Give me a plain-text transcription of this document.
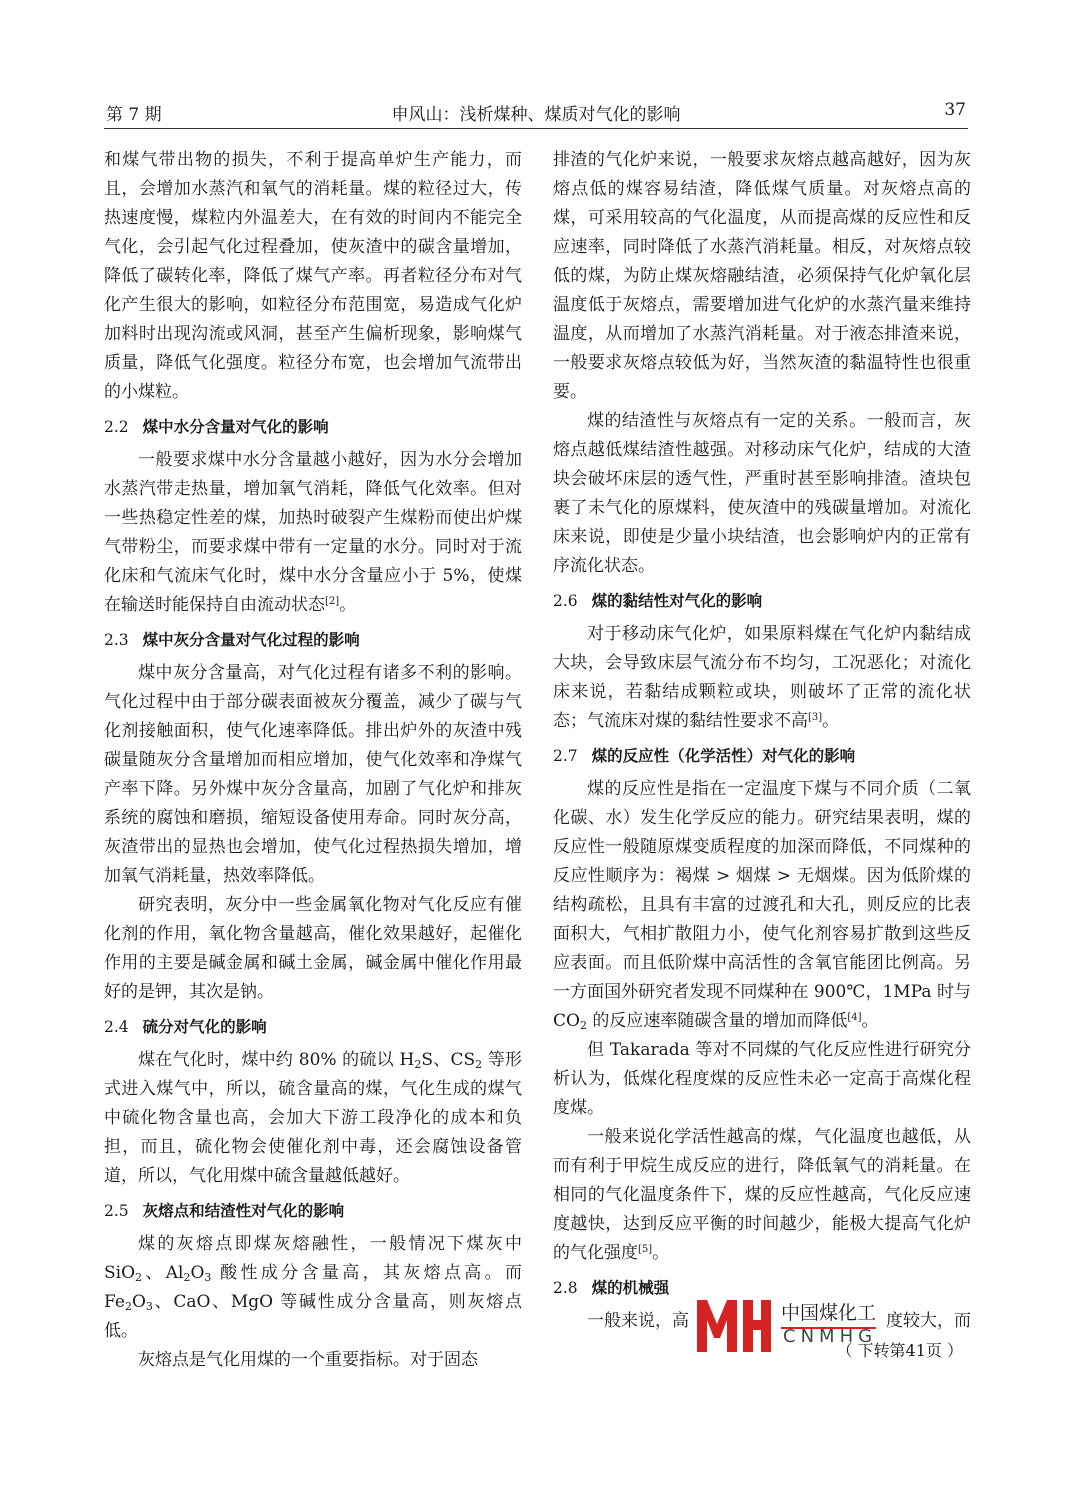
第 7 期	申风山：浅析煤种、煤质对气化的影响	37

和煤气带出物的损失，不利于提高单炉生产能力，而且，会增加水蒸汽和氧气的消耗量。煤的粒径过大，传热速度慢，煤粒内外温差大，在有效的时间内不能完全气化，会引起气化过程叠加，使灰渣中的碳含量增加，降低了碳转化率，降低了煤气产率。再者粒径分布对气化产生很大的影响，如粒径分布范围宽，易造成气化炉加料时出现沟流或风洞，甚至产生偏析现象，影响煤气质量，降低气化强度。粒径分布宽，也会增加气流带出的小煤粒。

2.2 煤中水分含量对气化的影响

一般要求煤中水分含量越小越好，因为水分会增加水蒸汽带走热量，增加氧气消耗，降低气化效率。但对一些热稳定性差的煤，加热时破裂产生煤粉而使出炉煤气带粉尘，而要求煤中带有一定量的水分。同时对于流化床和气流床气化时，煤中水分含量应小于 5%，使煤在输送时能保持自由流动状态[2]。

2.3 煤中灰分含量对气化过程的影响

煤中灰分含量高，对气化过程有诸多不利的影响。气化过程中由于部分碳表面被灰分覆盖，减少了碳与气化剂接触面积，使气化速率降低。排出炉外的灰渣中残碳量随灰分含量增加而相应增加，使气化效率和净煤气产率下降。另外煤中灰分含量高，加剧了气化炉和排灰系统的腐蚀和磨损，缩短设备使用寿命。同时灰分高，灰渣带出的显热也会增加，使气化过程热损失增加，增加氧气消耗量，热效率降低。

研究表明，灰分中一些金属氧化物对气化反应有催化剂的作用，氧化物含量越高，催化效果越好，起催化作用的主要是碱金属和碱土金属，碱金属中催化作用最好的是钾，其次是钠。

2.4 硫分对气化的影响

煤在气化时，煤中约 80% 的硫以 $H_2S$、$CS_2$ 等形式进入煤气中，所以，硫含量高的煤，气化生成的煤气中硫化物含量也高，会加大下游工段净化的成本和负担，而且，硫化物会使催化剂中毒，还会腐蚀设备管道，所以，气化用煤中硫含量越低越好。

2.5 灰熔点和结渣性对气化的影响

煤的灰熔点即煤灰熔融性，一般情况下煤灰中 SiO$_2$、$Al_2O_3$ 酸性成分含量高，其灰熔点高。而 $Fe_2O_3$、CaO、MgO 等碱性成分含量高，则灰熔点低。

灰熔点是气化用煤的一个重要指标。对于固态

排渣的气化炉来说，一般要求灰熔点越高越好，因为灰熔点低的煤容易结渣，降低煤气质量。对灰熔点高的煤，可采用较高的气化温度，从而提高煤的反应性和反应速率，同时降低了水蒸汽消耗量。相反，对灰熔点较低的煤，为防止煤灰熔融结渣，必须保持气化炉氧化层温度低于灰熔点，需要增加进气化炉的水蒸汽量来维持温度，从而增加了水蒸汽消耗量。对于液态排渣来说，一般要求灰熔点较低为好，当然灰渣的黏温特性也很重要。

煤的结渣性与灰熔点有一定的关系。一般而言，灰熔点越低煤结渣性越强。对移动床气化炉，结成的大渣块会破坏床层的透气性，严重时甚至影响排渣。渣块包裹了未气化的原煤料，使灰渣中的残碳量增加。对流化床来说，即使是少量小块结渣，也会影响炉内的正常有序流化状态。

2.6 煤的黏结性对气化的影响

对于移动床气化炉，如果原料煤在气化炉内黏结成大块，会导致床层气流分布不均匀，工况恶化；对流化床来说，若黏结成颗粒或块，则破坏了正常的流化状态；气流床对煤的黏结性要求不高[3]。

2.7 煤的反应性（化学活性）对气化的影响

煤的反应性是指在一定温度下煤与不同介质（二氧化碳、水）发生化学反应的能力。研究结果表明，煤的反应性一般随原煤变质程度的加深而降低，不同煤种的反应性顺序为：褐煤 > 烟煤 > 无烟煤。因为低阶煤的结构疏松，且具有丰富的过渡孔和大孔，则反应的比表面积大，气相扩散阻力小，使气化剂容易扩散到这些反应表面。而且低阶煤中高活性的含氧官能团比例高。另一方面国外研究者发现不同煤种在 900℃，1MPa 时与 $CO_2$ 的反应速率随碳含量的增加而降低[4]。

但 Takarada 等对不同煤的气化反应性进行研究分析认为，低煤化程度煤的反应性未必一定高于高煤化程度煤。

一般来说化学活性越高的煤，气化温度也越低，从而有利于甲烷生成反应的进行，降低氧气的消耗量。在相同的气化温度条件下，煤的反应性越高，气化反应速度越快，达到反应平衡的时间越少，能极大提高气化炉的气化强度[5]。

2.8 煤的机械强

一般来说，高	度较大，而

（ 下转第41页 ）

中国煤化工
CNMHG
